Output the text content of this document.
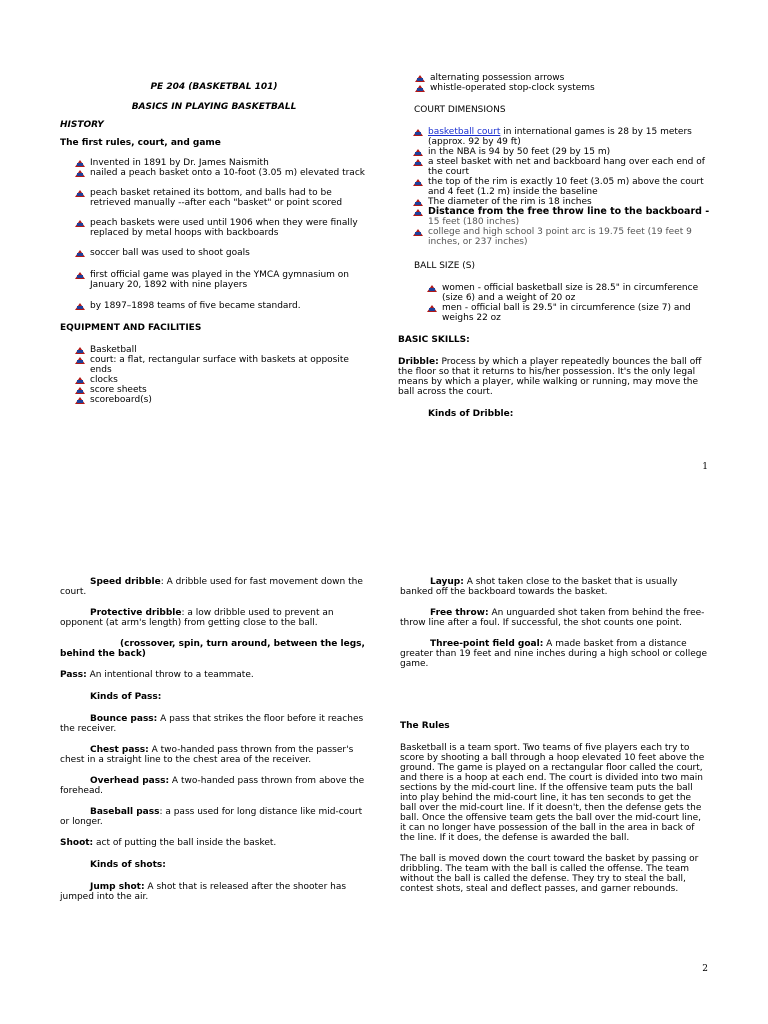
PE 204 (BASKETBAL 101)

BASICS IN PLAYING BASKETBALL

HISTORY

The first rules, court, and game

Invented in 1891 by Dr. James Naismith
nailed a peach basket onto a 10-foot (3.05 m) elevated track
peach basket retained its bottom, and balls had to be retrieved manually --after each "basket" or point scored
peach baskets were used until 1906 when they were finally replaced by metal hoops with backboards
soccer ball was used to shoot goals
first official game was played in the YMCA gymnasium on January 20, 1892 with nine players
by 1897–1898 teams of five became standard.

EQUIPMENT AND FACILITIES

Basketball
court: a flat, rectangular surface with baskets at opposite ends
clocks
score sheets
scoreboard(s)
alternating possession arrows
whistle-operated stop-clock systems

COURT DIMENSIONS

basketball court in international games is 28 by 15 meters (approx. 92 by 49 ft)
in the NBA is 94 by 50 feet (29 by 15 m)
a steel basket with net and backboard hang over each end of the court
the top of the rim is exactly 10 feet (3.05 m) above the court and 4 feet (1.2 m) inside the baseline
The diameter of the rim is 18 inches
Distance from the free throw line to the backboard -
15 feet (180 inches)
college and high school 3 point arc is 19.75 feet (19 feet 9 inches, or 237 inches)

BALL SIZE (S)

women - official basketball size is 28.5" in circumference (size 6) and a weight of 20 oz
men - official ball is 29.5" in circumference (size 7) and weighs 22 oz

BASIC SKILLS:

Dribble: Process by which a player repeatedly bounces the ball off the floor so that it returns to his/her possession. It's the only legal means by which a player, while walking or running, may move the ball across the court.

Kinds of Dribble:

1

Speed dribble: A dribble used for fast movement down the court.

Protective dribble: a low dribble used to prevent an opponent (at arm's length) from getting close to the ball.

(crossover, spin, turn around, between the legs, behind the back)

Pass: An intentional throw to a teammate.

Kinds of Pass:

Bounce pass: A pass that strikes the floor before it reaches the receiver.

Chest pass: A two-handed pass thrown from the passer's chest in a straight line to the chest area of the receiver.

Overhead pass: A two-handed pass thrown from above the forehead.

Baseball pass: a pass used for long distance like mid-court or longer.

Shoot: act of putting the ball inside the basket.

Kinds of shots:

Jump shot: A shot that is released after the shooter has jumped into the air.

Layup: A shot taken close to the basket that is usually banked off the backboard towards the basket.

Free throw: An unguarded shot taken from behind the free-throw line after a foul. If successful, the shot counts one point.

Three-point field goal: A made basket from a distance greater than 19 feet and nine inches during a high school or college game.

The Rules

Basketball is a team sport. Two teams of five players each try to score by shooting a ball through a hoop elevated 10 feet above the ground. The game is played on a rectangular floor called the court, and there is a hoop at each end. The court is divided into two main sections by the mid-court line. If the offensive team puts the ball into play behind the mid-court line, it has ten seconds to get the ball over the mid-court line. If it doesn't, then the defense gets the ball. Once the offensive team gets the ball over the mid-court line, it can no longer have possession of the ball in the area in back of the line. If it does, the defense is awarded the ball.

The ball is moved down the court toward the basket by passing or dribbling. The team with the ball is called the offense. The team without the ball is called the defense. They try to steal the ball, contest shots, steal and deflect passes, and garner rebounds.

2
